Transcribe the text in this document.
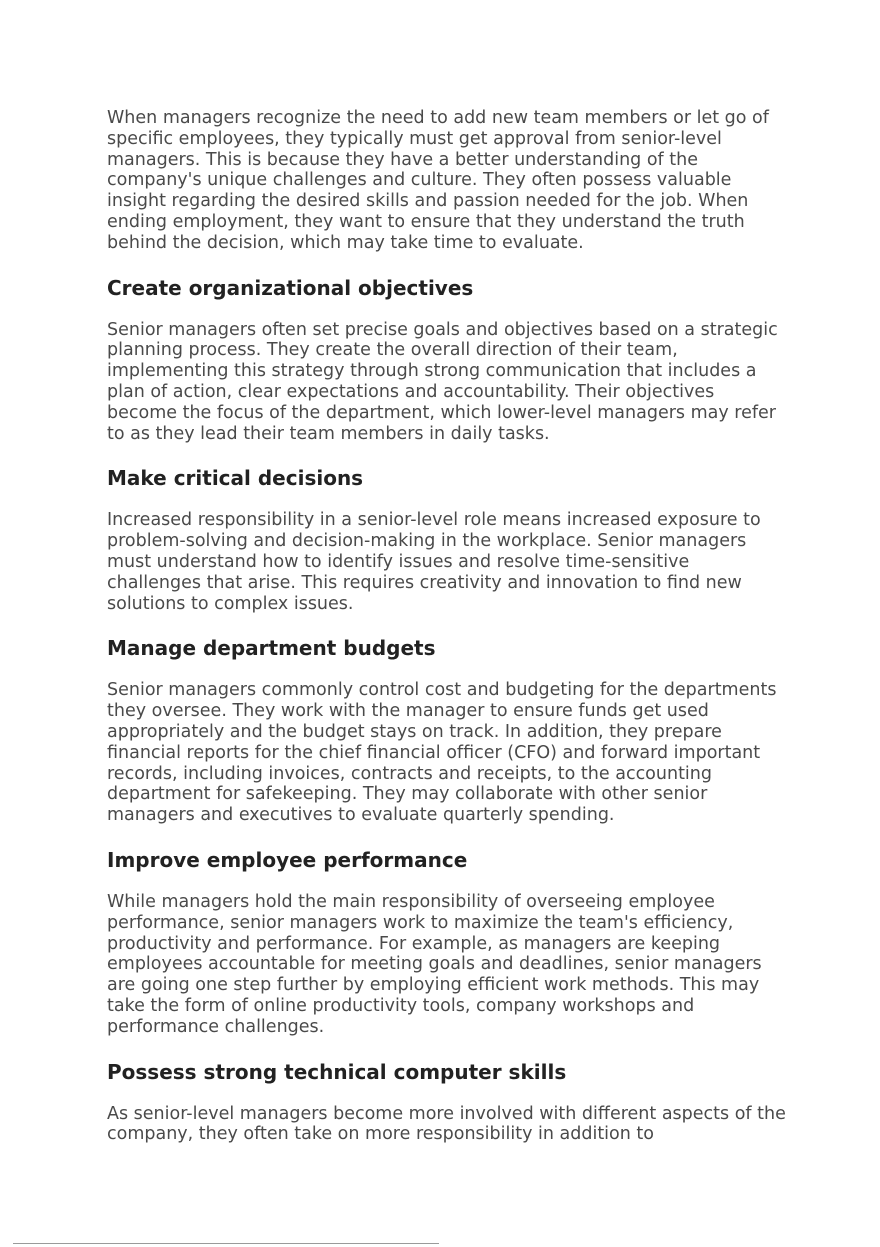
When managers recognize the need to add new team members or let go of specific employees, they typically must get approval from senior-level managers. This is because they have a better understanding of the company's unique challenges and culture. They often possess valuable insight regarding the desired skills and passion needed for the job. When ending employment, they want to ensure that they understand the truth behind the decision, which may take time to evaluate.

Create organizational objectives

Senior managers often set precise goals and objectives based on a strategic planning process. They create the overall direction of their team, implementing this strategy through strong communication that includes a plan of action, clear expectations and accountability. Their objectives become the focus of the department, which lower-level managers may refer to as they lead their team members in daily tasks.

Make critical decisions

Increased responsibility in a senior-level role means increased exposure to problem-solving and decision-making in the workplace. Senior managers must understand how to identify issues and resolve time-sensitive challenges that arise. This requires creativity and innovation to find new solutions to complex issues.

Manage department budgets

Senior managers commonly control cost and budgeting for the departments they oversee. They work with the manager to ensure funds get used appropriately and the budget stays on track. In addition, they prepare financial reports for the chief financial ofﬁcer (CFO) and forward important records, including invoices, contracts and receipts, to the accounting department for safekeeping. They may collaborate with other senior managers and executives to evaluate quarterly spending.

Improve employee performance

While managers hold the main responsibility of overseeing employee performance, senior managers work to maximize the team's efﬁciency, productivity and performance. For example, as managers are keeping employees accountable for meeting goals and deadlines, senior managers are going one step further by employing efﬁcient work methods. This may take the form of online productivity tools, company workshops and performance challenges.

Possess strong technical computer skills

As senior-level managers become more involved with different aspects of the company, they often take on more responsibility in addition to
